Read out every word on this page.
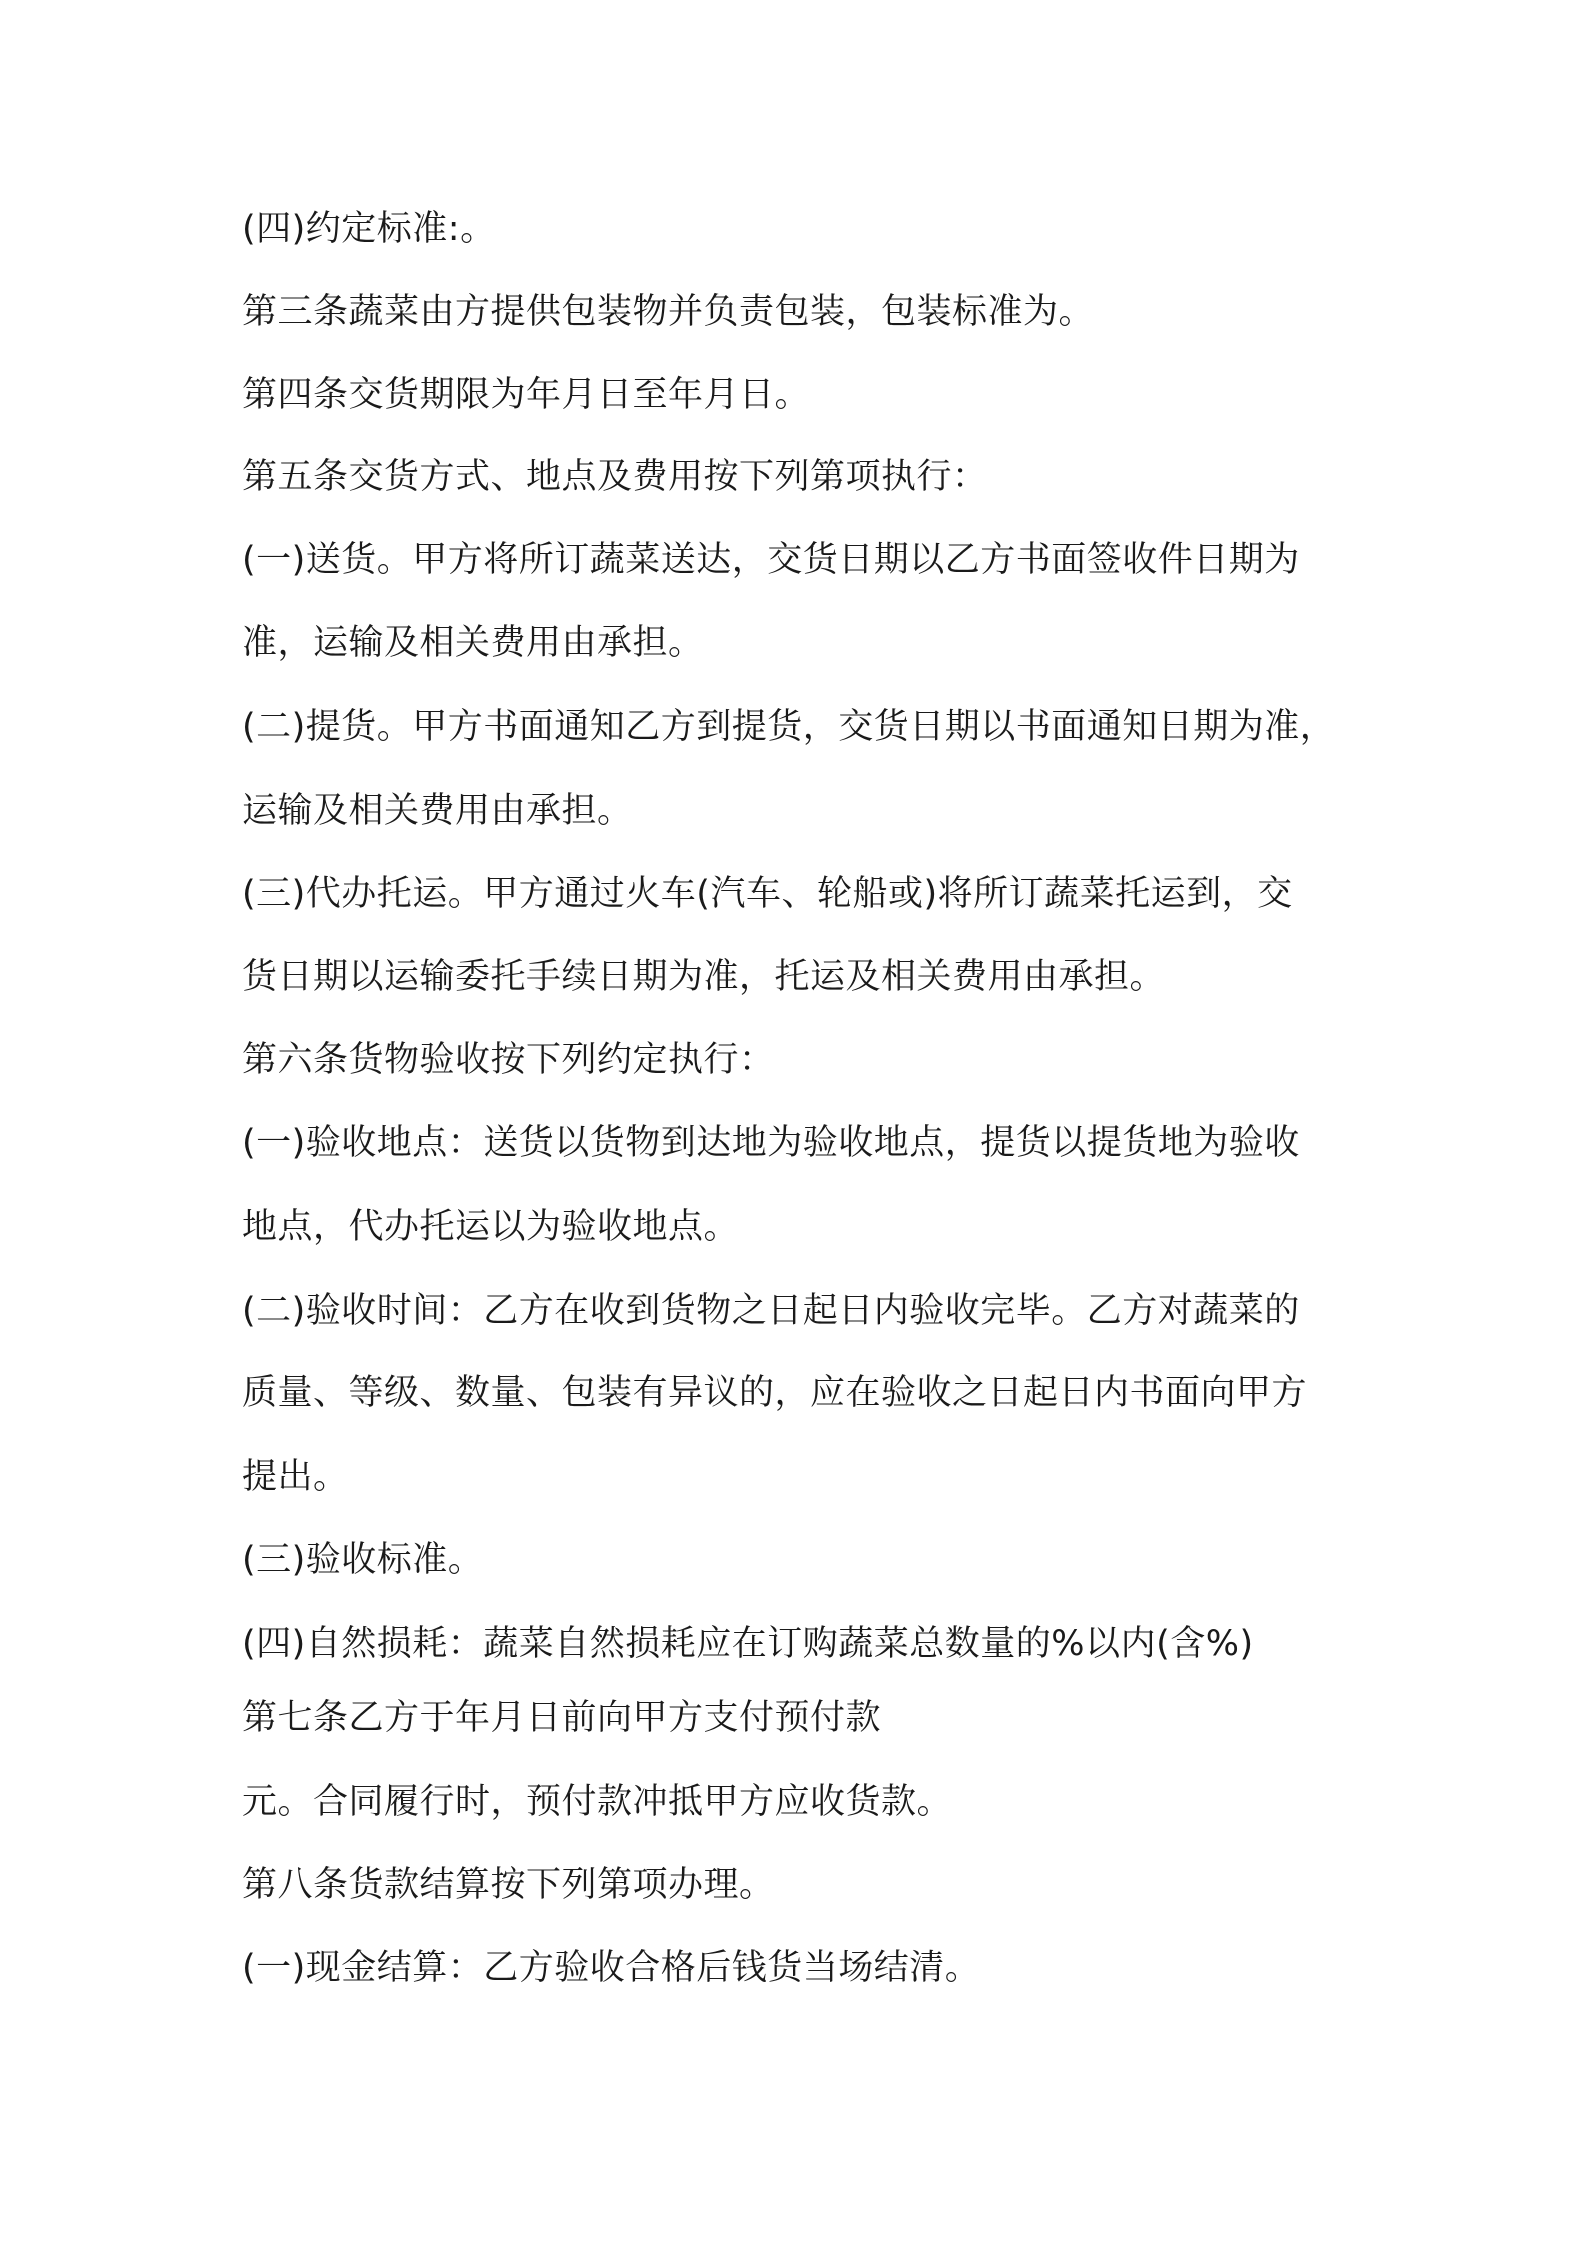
(四)约定标准:。

第三条蔬菜由方提供包装物并负责包装，包装标准为。

第四条交货期限为年月日至年月日。

第五条交货方式、地点及费用按下列第项执行：

(一)送货。甲方将所订蔬菜送达，交货日期以乙方书面签收件日期为

准，运输及相关费用由承担。

(二)提货。甲方书面通知乙方到提货，交货日期以书面通知日期为准，

运输及相关费用由承担。

(三)代办托运。甲方通过火车(汽车、轮船或)将所订蔬菜托运到，交

货日期以运输委托手续日期为准，托运及相关费用由承担。

第六条货物验收按下列约定执行：

(一)验收地点：送货以货物到达地为验收地点，提货以提货地为验收

地点，代办托运以为验收地点。

(二)验收时间：乙方在收到货物之日起日内验收完毕。乙方对蔬菜的

质量、等级、数量、包装有异议的，应在验收之日起日内书面向甲方

提出。

(三)验收标准。

(四)自然损耗：蔬菜自然损耗应在订购蔬菜总数量的%以内(含%)

第七条乙方于年月日前向甲方支付预付款

元。合同履行时，预付款冲抵甲方应收货款。

第八条货款结算按下列第项办理。

(一)现金结算：乙方验收合格后钱货当场结清。
